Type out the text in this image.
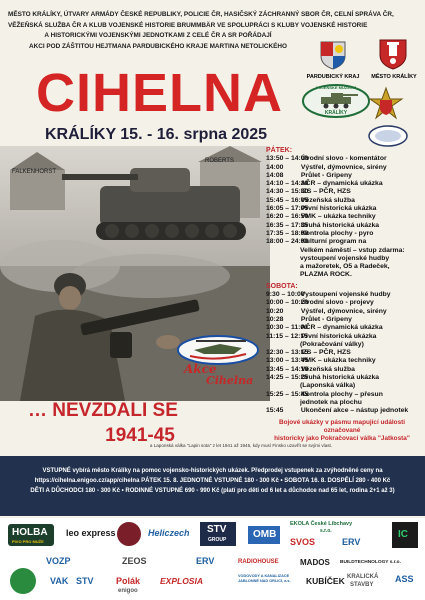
MĚSTO KRÁLÍKY, ÚTVARY ARMÁDY ČESKÉ REPUBLIKY, POLICIE ČR, HASIČSKÝ ZÁCHRANNÝ SBOR ČR, CELNÍ SPRÁVA ČR,
VĚŽEŇSKÁ SLUŽBA ČR A KLUB VOJENSKÉ HISTORIE BRUMMBÄR VE SPOLUPRÁCI S KLUBY VOJENSKÉ HISTORIE
A HISTORICKÝMI VOJENSKÝMI JEDNOTKAMI Z CELÉ ČR A SR POŘÁDAJÍ
AKCI POD ZÁŠTITOU HEJTMANA PARDUBICKÉHO KRAJE MARTINA NETOLICKÉHO
PARDUBICKÝ KRAJ	MĚSTO KRÁLÍKY
VOJENSKÉ MUZEUM
KRÁLÍKY
CIHELNA
KRÁLÍKY 15. - 16. srpna 2025
FALKENHORST
ROBERTS
Akce
Cihelna
PÁTEK:
13:50 – 14:00 Úvodní slovo - komentátor
14:00	Výstřel, dýmovnice, sirény
14:08	Průlet - Gripeny
14:10 – 14:30 AČR – dynamická ukázka
14:30 – 15:30 IZS – PČR, HZS
15:45 – 16:05 Vězeňská služba
16:05 – 17:05 První historická ukázka
16:20 – 16:50 VMK – ukázka techniky
16:35 – 17:35 Druhá historická ukázka
17:35 – 18:00 Kontrola plochy - pyro
18:00 – 24:00 Kulturní program na
Velkém náměstí – vstup zdarma:
vystoupení vojenské hudby
a mažoretek, O5 a Radeček,
PLAZMA ROCK.
SOBOTA:
9:30 – 10:00 Vystoupení vojenské hudby
10:00 – 10:20 Úvodní slovo - projevy
10:20	Výstřel, dýmovnice, sirény
10:28	Průlet - Gripeny
10:30 – 11:00 AČR – dynamická ukázka
11:15 – 12:15 První historická ukázka
(Pokračování války)
12:30 – 13:15 IZS – PČR, HZS
13:00 – 13:45 VMK – ukázka techniky
13:45 – 14:10 Vězeňská služba
14:25 – 15:25 Druhá historická ukázka
(Laponská válka)
15:25 – 15:45 Kontrola plochy – přesun
jednotek na plochu
15:45	Ukončení akce – nástup jednotek
… NEVZDALI SE
1941-45
Bojové ukázky v pásmu mapující události označované
historicky jako Pokračovací válka "Jatkosta"
a Laponská válka "Lapin sota" z let 1941 až 1945, kdy musí Finsko uzavřít se svými vlast.
VSTUPNÉ vybírá město Králíky na pomoc vojensko-historických ukázek. Předprodej vstupenek za zvýhodněné ceny na
https://cihelna.enigoo.cz/app/cihelna PÁTEK 15. 8. JEDNOTNÉ VSTUPNÉ 180 - 300 Kč • SOBOTA 16. 8. DOSPĚLÍ 280 - 400 Kč
DĚTI A DŮCHODCI 180 - 300 Kč • RODINNÉ VSTUPNÉ 690 - 990 Kč (platí pro děti od 6 let a důchodce nad 65 let, rodina 2+1 až 3)
HOLBA
PIVO PRO MUŽE
leo express	Heliczech STV
GROUP	OMB
EKOLA České Libchavy
s.r.o.
SVOS	ERV
IC
VOZP	ZEOS	ERV	RADIOHOUSE	MADOS BUILDTECHNOLOGY s.r.o.
VAK STV Polák EXPLOSIA	VODOVODY A KANALIZACE JABLONNÉ NAD ORLICÍ, a.s.	KUBÍČEK	ASS
KRALICKÁ
STAVBY
enigoo
